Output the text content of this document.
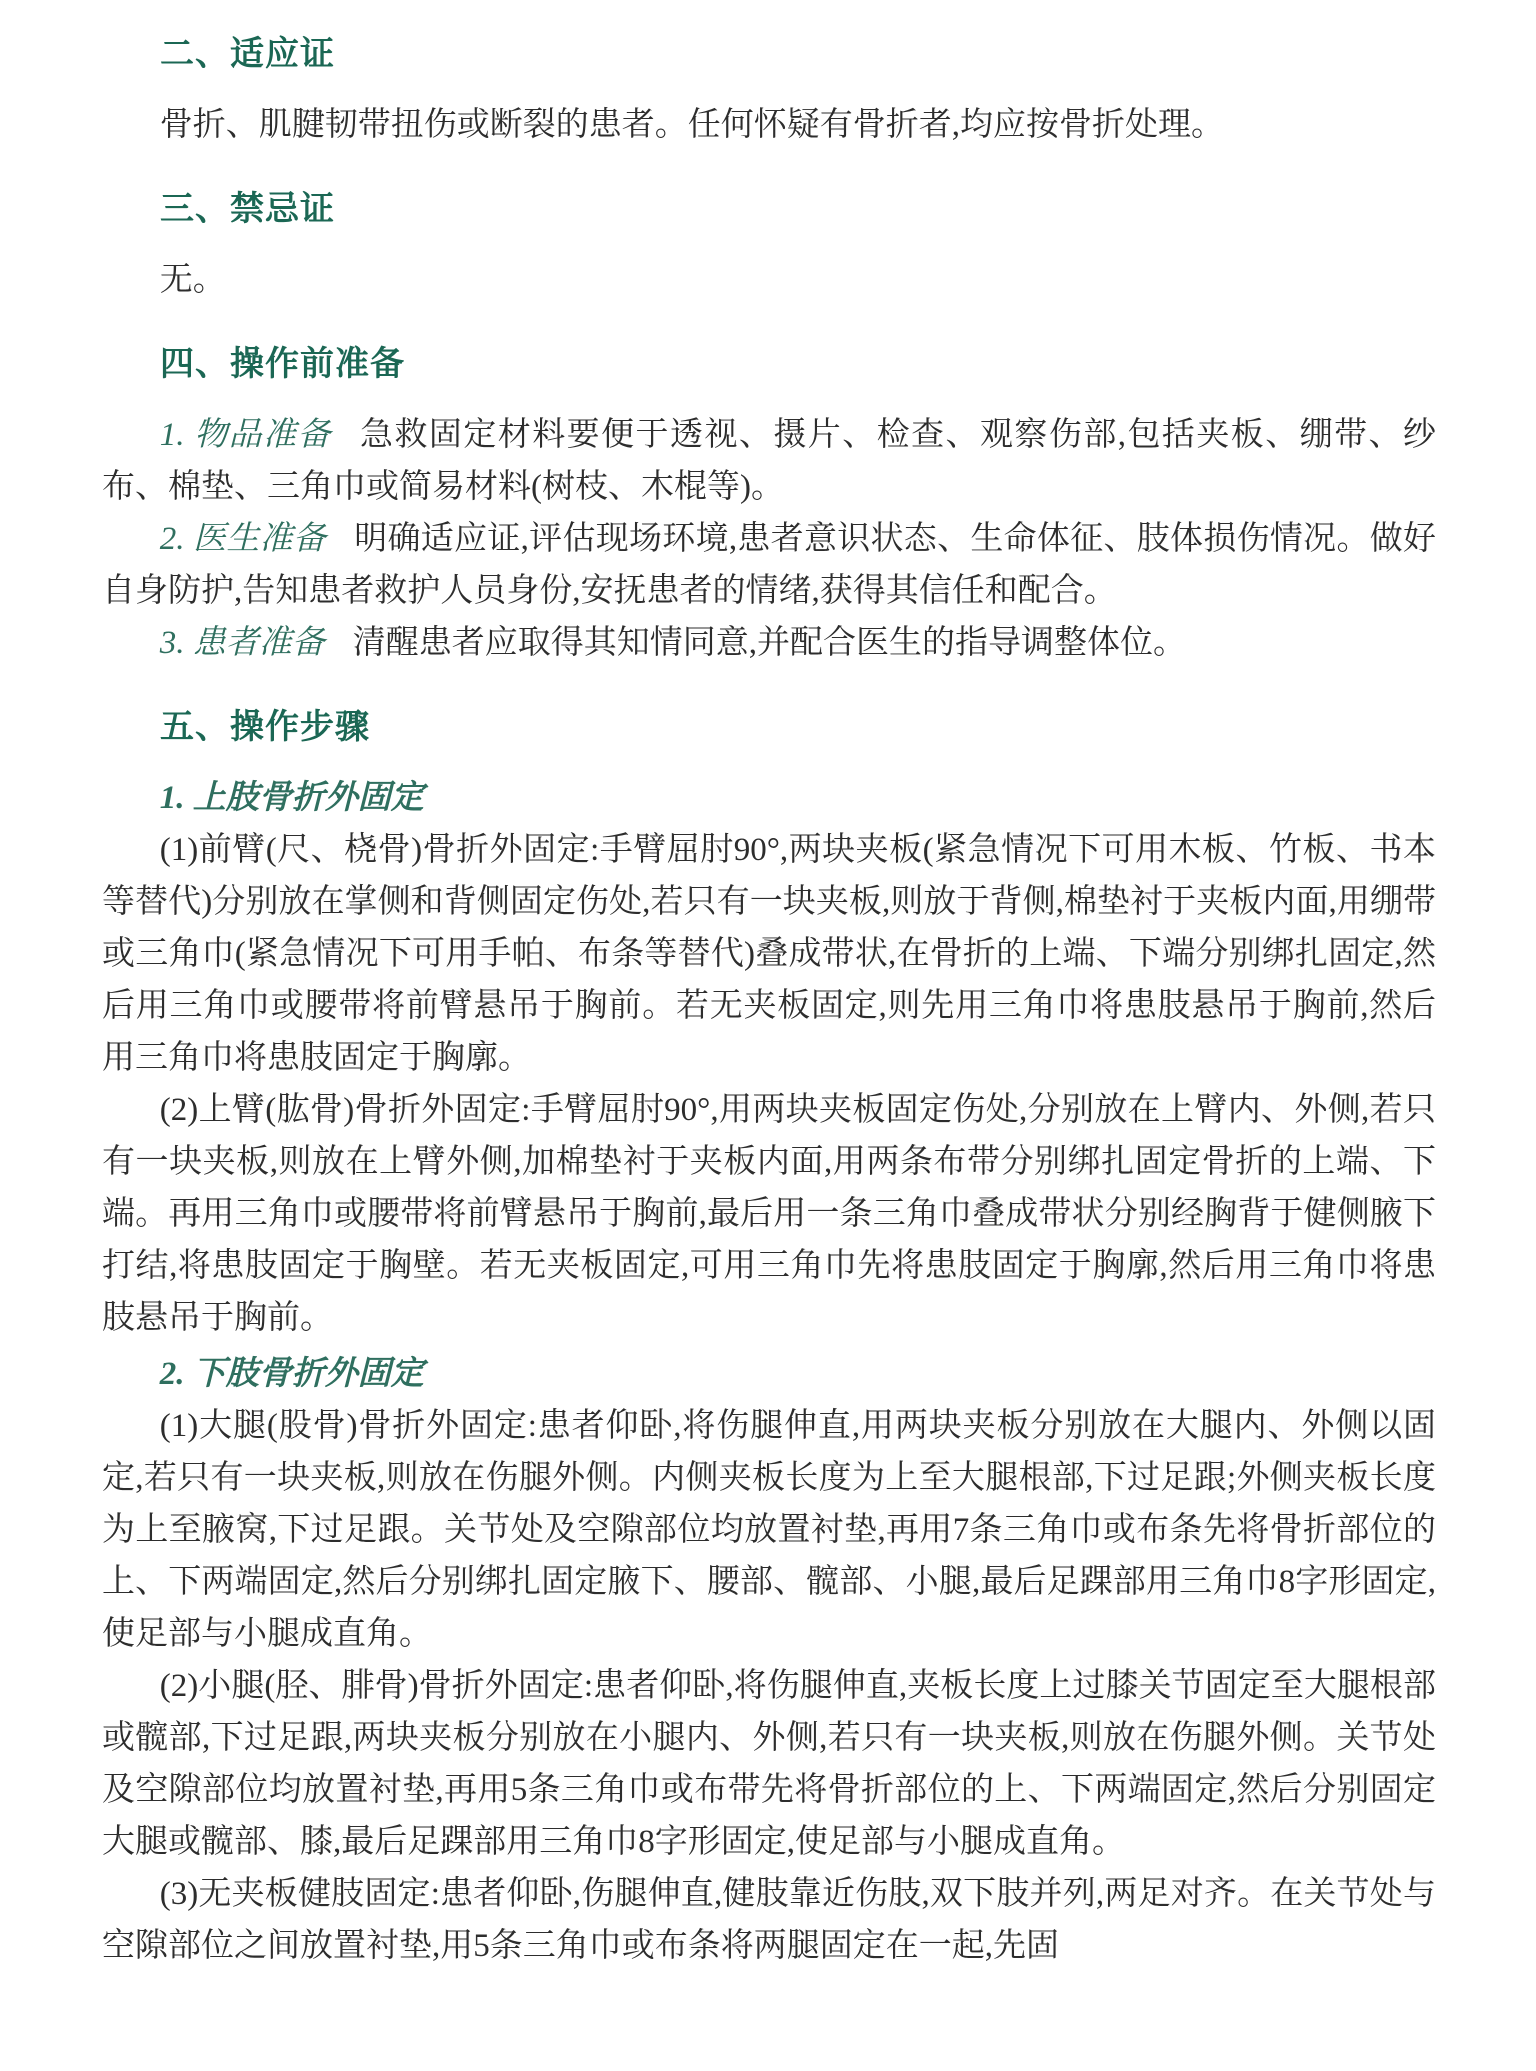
二、适应证

骨折、肌腱韧带扭伤或断裂的患者。任何怀疑有骨折者,均应按骨折处理。

三、禁忌证

无。

四、操作前准备

1. 物品准备 急救固定材料要便于透视、摄片、检查、观察伤部,包括夹板、绷带、纱布、棉垫、三角巾或简易材料(树枝、木棍等)。

2. 医生准备 明确适应证,评估现场环境,患者意识状态、生命体征、肢体损伤情况。做好自身防护,告知患者救护人员身份,安抚患者的情绪,获得其信任和配合。

3. 患者准备 清醒患者应取得其知情同意,并配合医生的指导调整体位。

五、操作步骤
1. 上肢骨折外固定

(1)前臂(尺、桡骨)骨折外固定:手臂屈肘90°,两块夹板(紧急情况下可用木板、竹板、书本等替代)分别放在掌侧和背侧固定伤处,若只有一块夹板,则放于背侧,棉垫衬于夹板内面,用绷带或三角巾(紧急情况下可用手帕、布条等替代)叠成带状,在骨折的上端、下端分别绑扎固定,然后用三角巾或腰带将前臂悬吊于胸前。若无夹板固定,则先用三角巾将患肢悬吊于胸前,然后用三角巾将患肢固定于胸廓。

(2)上臂(肱骨)骨折外固定:手臂屈肘90°,用两块夹板固定伤处,分别放在上臂内、外侧,若只有一块夹板,则放在上臂外侧,加棉垫衬于夹板内面,用两条布带分别绑扎固定骨折的上端、下端。再用三角巾或腰带将前臂悬吊于胸前,最后用一条三角巾叠成带状分别经胸背于健侧腋下打结,将患肢固定于胸壁。若无夹板固定,可用三角巾先将患肢固定于胸廓,然后用三角巾将患肢悬吊于胸前。

2. 下肢骨折外固定

(1)大腿(股骨)骨折外固定:患者仰卧,将伤腿伸直,用两块夹板分别放在大腿内、外侧以固定,若只有一块夹板,则放在伤腿外侧。内侧夹板长度为上至大腿根部,下过足跟;外侧夹板长度为上至腋窝,下过足跟。关节处及空隙部位均放置衬垫,再用7条三角巾或布条先将骨折部位的上、下两端固定,然后分别绑扎固定腋下、腰部、髋部、小腿,最后足踝部用三角巾8字形固定,使足部与小腿成直角。

(2)小腿(胫、腓骨)骨折外固定:患者仰卧,将伤腿伸直,夹板长度上过膝关节固定至大腿根部或髋部,下过足跟,两块夹板分别放在小腿内、外侧,若只有一块夹板,则放在伤腿外侧。关节处及空隙部位均放置衬垫,再用5条三角巾或布带先将骨折部位的上、下两端固定,然后分别固定大腿或髋部、膝,最后足踝部用三角巾8字形固定,使足部与小腿成直角。

(3)无夹板健肢固定:患者仰卧,伤腿伸直,健肢靠近伤肢,双下肢并列,两足对齐。在关节处与空隙部位之间放置衬垫,用5条三角巾或布条将两腿固定在一起,先固
